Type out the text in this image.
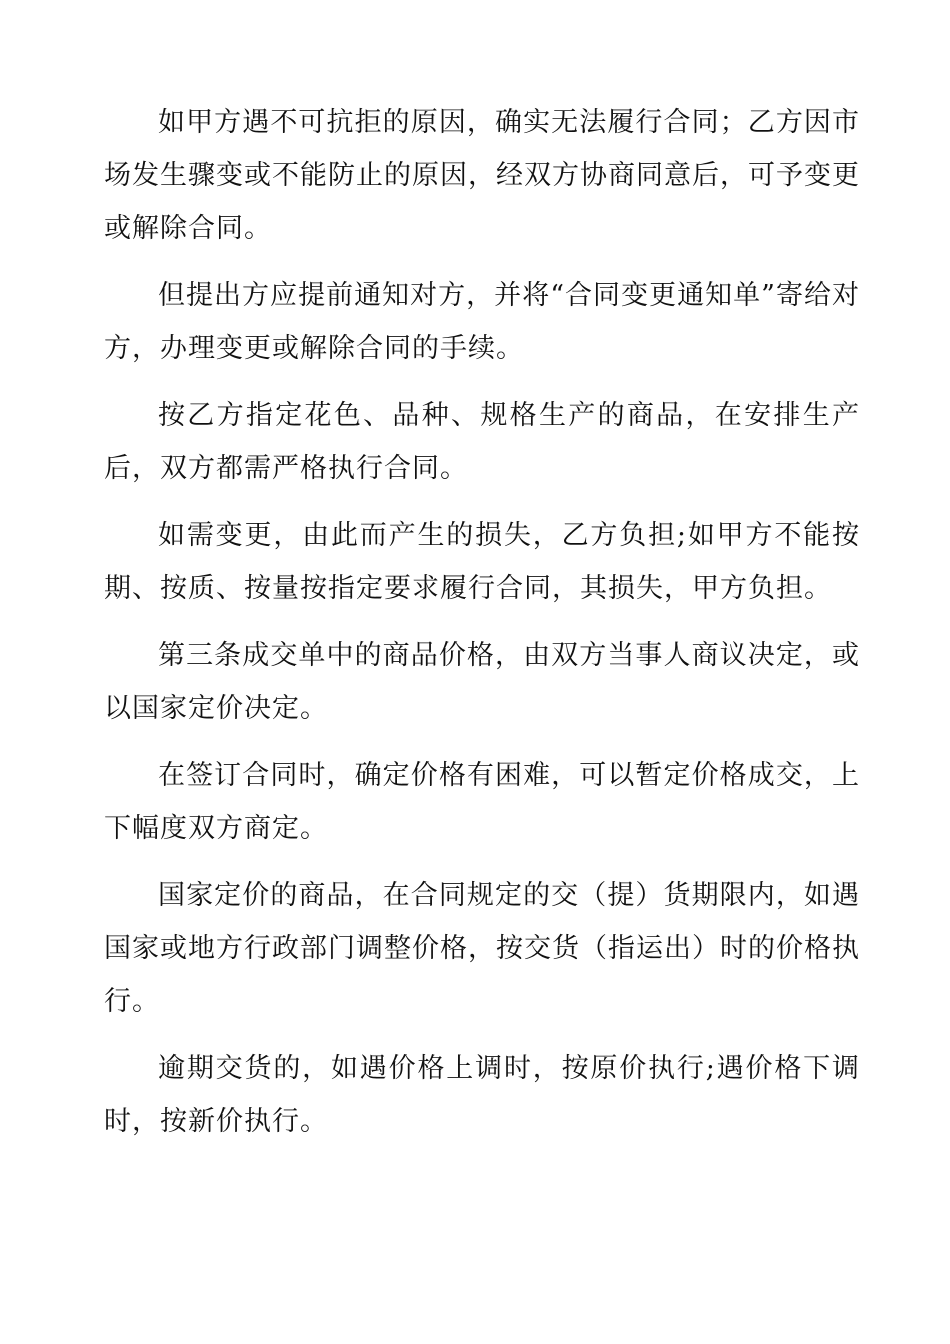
如甲方遇不可抗拒的原因，确实无法履行合同；乙方因市场发生骤变或不能防止的原因，经双方协商同意后，可予变更或解除合同。

但提出方应提前通知对方，并将“合同变更通知单”寄给对方，办理变更或解除合同的手续。

按乙方指定花色、品种、规格生产的商品，在安排生产后，双方都需严格执行合同。

如需变更，由此而产生的损失，乙方负担;如甲方不能按期、按质、按量按指定要求履行合同，其损失，甲方负担。

第三条成交单中的商品价格，由双方当事人商议决定，或以国家定价决定。

在签订合同时，确定价格有困难，可以暂定价格成交，上下幅度双方商定。

国家定价的商品，在合同规定的交（提）货期限内，如遇国家或地方行政部门调整价格，按交货（指运出）时的价格执行。

逾期交货的，如遇价格上调时，按原价执行;遇价格下调时，按新价执行。
